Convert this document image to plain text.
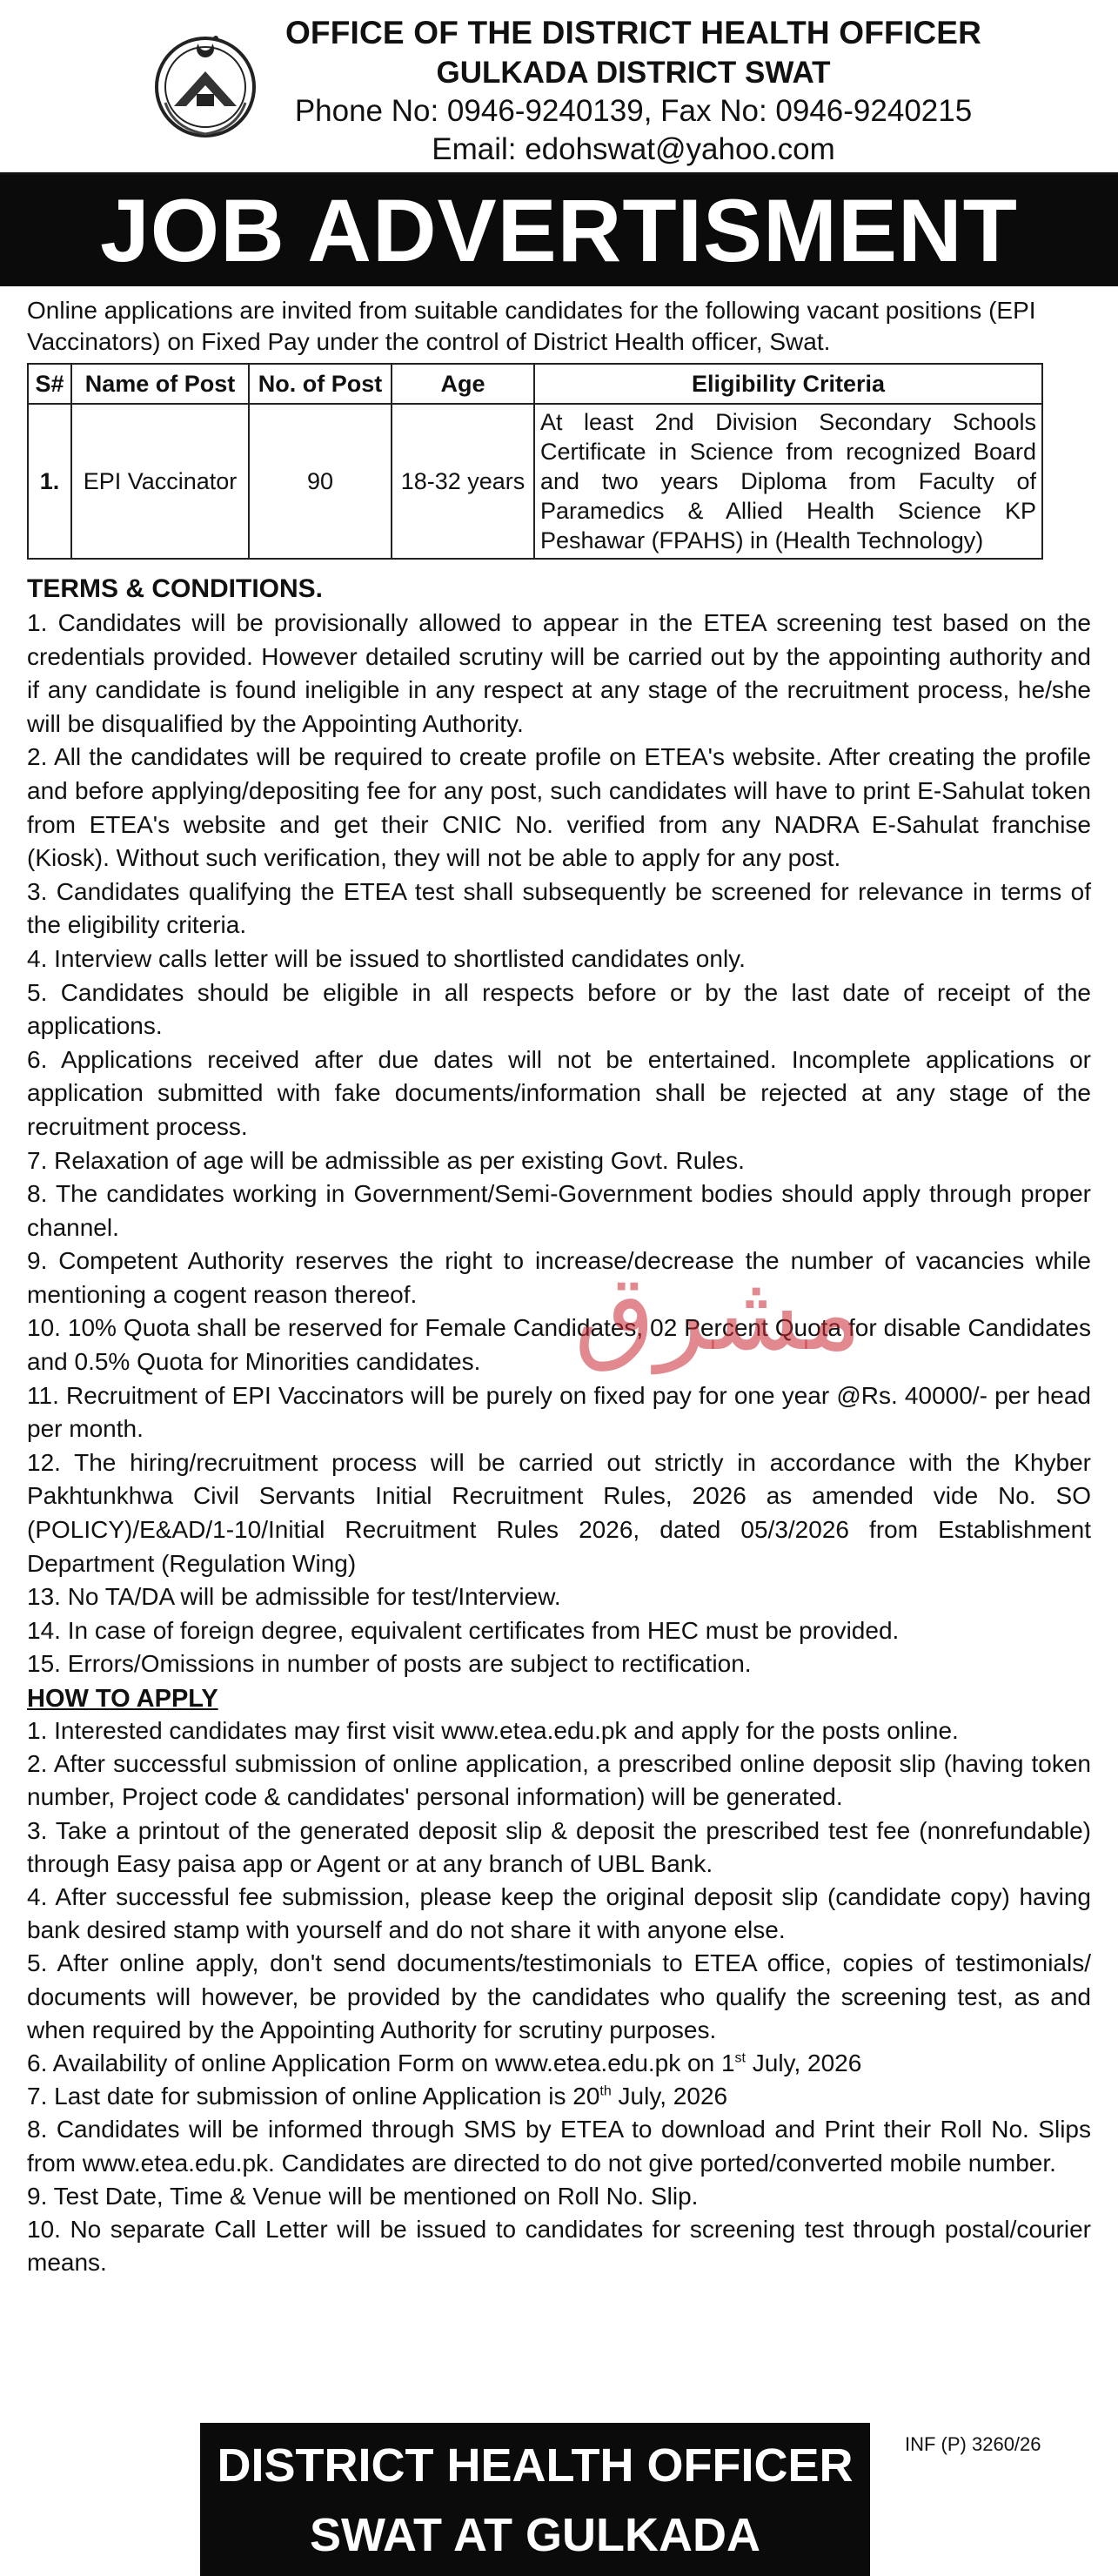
OFFICE OF THE DISTRICT HEALTH OFFICER
GULKADA DISTRICT SWAT
Phone No: 0946-9240139, Fax No: 0946-9240215
Email: edohswat@yahoo.com
JOB ADVERTISMENT

Online applications are invited from suitable candidates for the following vacant positions (EPI Vaccinators) on Fixed Pay under the control of District Health officer, Swat.

S#	Name of Post	No. of Post	Age	Eligibility Criteria
1.	EPI Vaccinator	90	18-32 years	At least 2nd Division Secondary Schools Certificate in Science from recognized Board and two years Diploma from Faculty of Paramedics & Allied Health Science KP Peshawar (FPAHS) in (Health Technology)
TERMS & CONDITIONS.

1. Candidates will be provisionally allowed to appear in the ETEA screening test based on the credentials provided. However detailed scrutiny will be carried out by the appointing authority and if any candidate is found ineligible in any respect at any stage of the recruitment process, he/she will be disqualified by the Appointing Authority.

2. All the candidates will be required to create profile on ETEA's website. After creating the profile and before applying/depositing fee for any post, such candidates will have to print E-Sahulat token from ETEA's website and get their CNIC No. verified from any NADRA E-Sahulat franchise (Kiosk). Without such verification, they will not be able to apply for any post.

3. Candidates qualifying the ETEA test shall subsequently be screened for relevance in terms of the eligibility criteria.

4. Interview calls letter will be issued to shortlisted candidates only.

5. Candidates should be eligible in all respects before or by the last date of receipt of the applications.

6. Applications received after due dates will not be entertained. Incomplete applications or application submitted with fake documents/information shall be rejected at any stage of the recruitment process.

7. Relaxation of age will be admissible as per existing Govt. Rules.

8. The candidates working in Government/Semi-Government bodies should apply through proper channel.

9. Competent Authority reserves the right to increase/decrease the number of vacancies while mentioning a cogent reason thereof.

10. 10% Quota shall be reserved for Female Candidates, 02 Percent Quota for disable Candidates and 0.5% Quota for Minorities candidates.

11. Recruitment of EPI Vaccinators will be purely on fixed pay for one year @Rs. 40000/- per head per month.

12. The hiring/recruitment process will be carried out strictly in accordance with the Khyber Pakhtunkhwa Civil Servants Initial Recruitment Rules, 2026 as amended vide No. SO (POLICY)/E&AD/1-10/Initial Recruitment Rules 2026, dated 05/3/2026 from Establishment Department (Regulation Wing)

13. No TA/DA will be admissible for test/Interview.

14. In case of foreign degree, equivalent certificates from HEC must be provided.

15. Errors/Omissions in number of posts are subject to rectification.

HOW TO APPLY

1. Interested candidates may first visit www.etea.edu.pk and apply for the posts online.

2. After successful submission of online application, a prescribed online deposit slip (having token number, Project code & candidates' personal information) will be generated.

3. Take a printout of the generated deposit slip & deposit the prescribed test fee (nonrefundable) through Easy paisa app or Agent or at any branch of UBL Bank.

4. After successful fee submission, please keep the original deposit slip (candidate copy) having bank desired stamp with yourself and do not share it with anyone else.

5. After online apply, don't send documents/testimonials to ETEA office, copies of testimonials/ documents will however, be provided by the candidates who qualify the screening test, as and when required by the Appointing Authority for scrutiny purposes.

6. Availability of online Application Form on www.etea.edu.pk on 1st July, 2026

7. Last date for submission of online Application is 20th July, 2026

8. Candidates will be informed through SMS by ETEA to download and Print their Roll No. Slips from www.etea.edu.pk. Candidates are directed to do not give ported/converted mobile number.

9. Test Date, Time & Venue will be mentioned on Roll No. Slip.

10. No separate Call Letter will be issued to candidates for screening test through postal/courier means.

مشرق
DISTRICT HEALTH OFFICER
SWAT AT GULKADA
INF (P) 3260/26
